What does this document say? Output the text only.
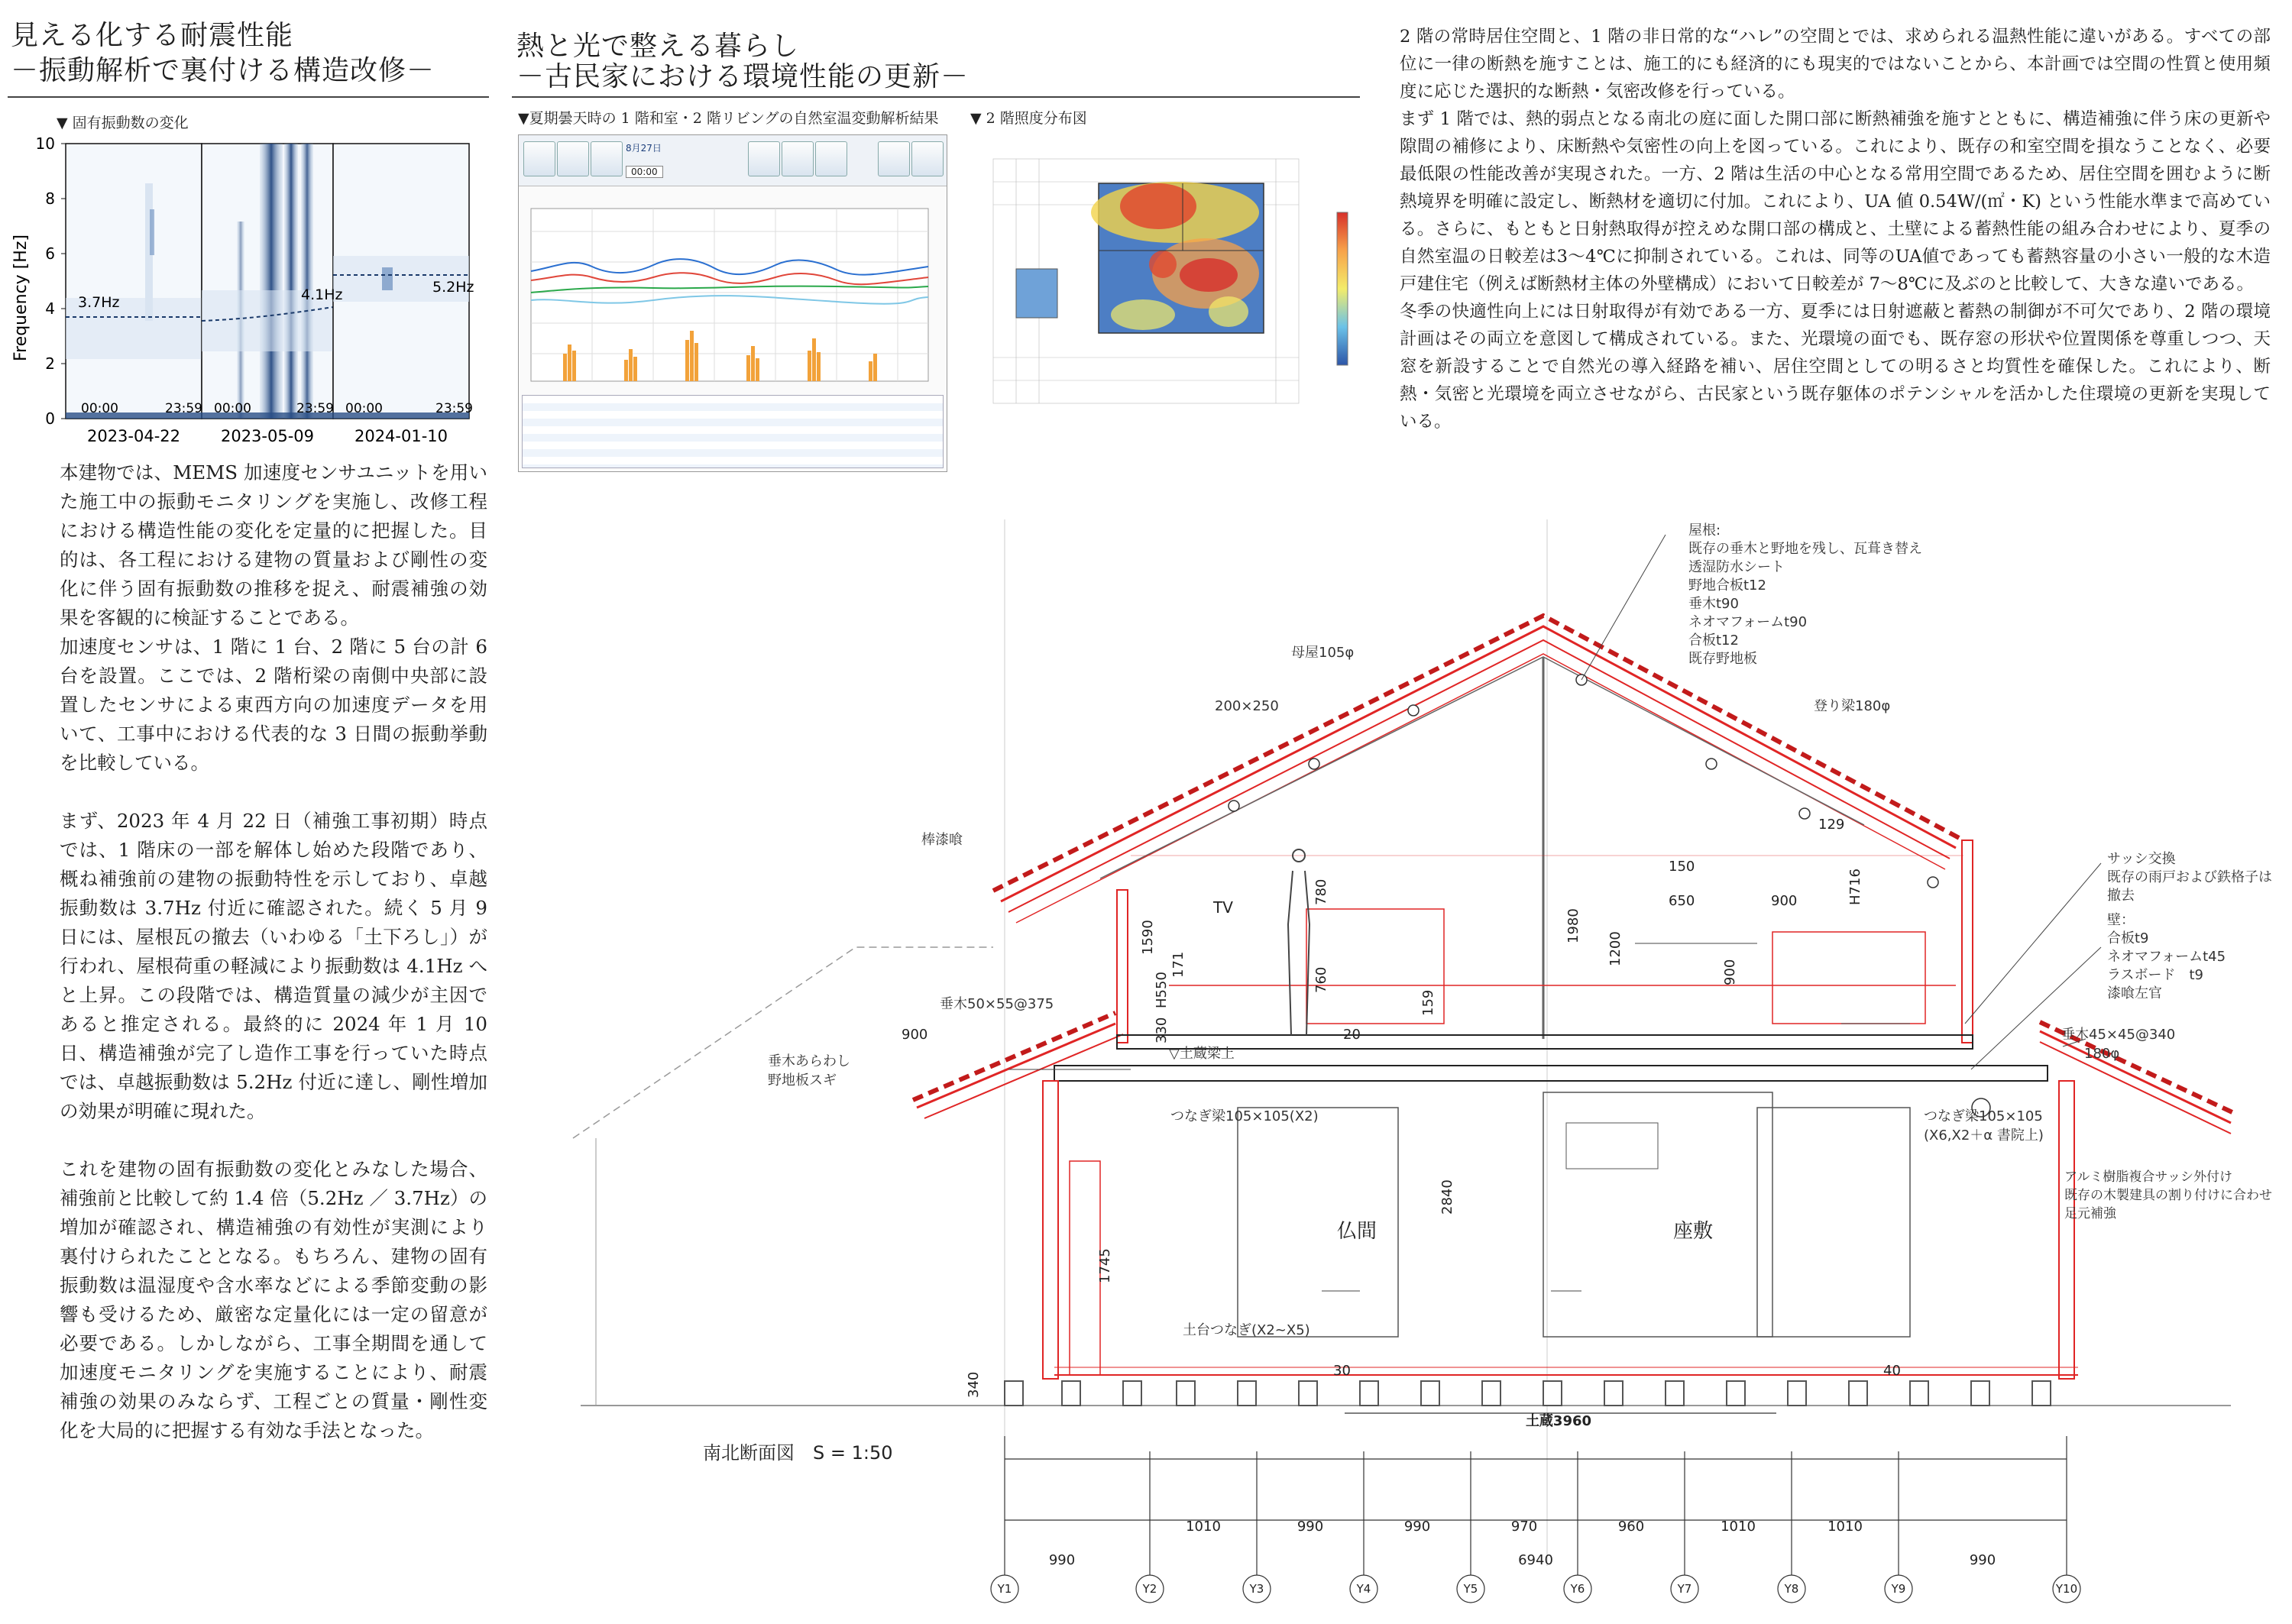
見える化する耐震性能
－振動解析で裏付ける構造改修－
▼ 固有振動数の変化
Frequency [Hz]
0
2
4
6
8
10
3.7Hz	4.1Hz	5.2Hz
00:00	23:59 00:00	23:59 00:00	23:59
2023-04-22	2023-05-09	2024-01-10

本建物では、MEMS 加速度センサユニットを用いた施工中の振動モニタリングを実施し、改修工程における構造性能の変化を定量的に把握した。目的は、各工程における建物の質量および剛性の変化に伴う固有振動数の推移を捉え、耐震補強の効果を客観的に検証することである。

加速度センサは、1 階に 1 台、2 階に 5 台の計 6 台を設置。ここでは、2 階桁梁の南側中央部に設置したセンサによる東西方向の加速度データを用いて、工事中における代表的な 3 日間の振動挙動を比較している。

まず、2023 年 4 月 22 日（補強工事初期）時点では、1 階床の一部を解体し始めた段階であり、概ね補強前の建物の振動特性を示しており、卓越振動数は 3.7Hz 付近に確認された。続く 5 月 9 日には、屋根瓦の撤去（いわゆる「土下ろし」）が行われ、屋根荷重の軽減により振動数は 4.1Hz へと上昇。この段階では、構造質量の減少が主因であると推定される。最終的に 2024 年 1 月 10 日、構造補強が完了し造作工事を行っていた時点では、卓越振動数は 5.2Hz 付近に達し、剛性増加の効果が明確に現れた。

これを建物の固有振動数の変化とみなした場合、補強前と比較して約 1.4 倍（5.2Hz ／ 3.7Hz）の増加が確認され、構造補強の有効性が実測により裏付けられたこととなる。もちろん、建物の固有振動数は温湿度や含水率などによる季節変動の影響も受けるため、厳密な定量化には一定の留意が必要である。しかしながら、工事全期間を通して加速度モニタリングを実施することにより、耐震補強の効果のみならず、工程ごとの質量・剛性変化を大局的に把握する有効な手法となった。

熱と光で整える暮らし
－古民家における環境性能の更新－
▼夏期曇天時の 1 階和室・2 階リビングの自然室温変動解析結果 ▼ 2 階照度分布図
8月27日
00:00

2 階の常時居住空間と、1 階の非日常的な“ハレ”の空間とでは、求められる温熱性能に違いがある。すべての部位に一律の断熱を施すことは、施工的にも経済的にも現実的ではないことから、本計画では空間の性質と使用頻度に応じた選択的な断熱・気密改修を行っている。

まず 1 階では、熱的弱点となる南北の庭に面した開口部に断熱補強を施すとともに、構造補強に伴う床の更新や隙間の補修により、床断熱や気密性の向上を図っている。これにより、既存の和室空間を損なうことなく、必要最低限の性能改善が実現された。一方、2 階は生活の中心となる常用空間であるため、居住空間を囲むように断熱境界を明確に設定し、断熱材を適切に付加。これにより、UA 値 0.54W/(㎡・K) という性能水準まで高めている。さらに、もともと日射熱取得が控えめな開口部の構成と、土壁による蓄熱性能の組み合わせにより、夏季の自然室温の日較差は3～4℃に抑制されている。これは、同等のUA値であっても蓄熱容量の小さい一般的な木造戸建住宅（例えば断熱材主体の外壁構成）において日較差が 7～8℃に及ぶのと比較して、大きな違いである。

冬季の快適性向上には日射取得が有効である一方、夏季には日射遮蔽と蓄熱の制御が不可欠であり、2 階の環境計画はその両立を意図して構成されている。また、光環境の面でも、既存窓の形状や位置関係を尊重しつつ、天窓を新設することで自然光の導入経路を補い、居住空間としての明るさと均質性を確保した。これにより、断熱・気密と光環境を両立させながら、古民家という既存躯体のポテンシャルを活かした住環境の更新を実現している。

Y1	Y2	Y3	Y4	Y5	Y6	Y7	Y8	Y9	Y10
1010	990	990	970	960	1010	1010
6940
990	990
土蔵3960
仏間	座敷
TV
900
900
150
650
129
30	40
20
H716
1980
1200
900
1590
H550
171
780
760
330
159
2840
1745
340
母屋105φ
200×250	登り梁180φ
棒漆喰
垂木50×55@375
垂木あらわし
野地板スギ
つなぎ梁105×105(X2)	つなぎ梁105×105
(X6,X2＋α 書院上)
垂木45×45@340
180φ
土台つなぎ(X2~X5)
▽土蔵梁上
屋根:
既存の垂木と野地を残し、瓦葺き替え
透湿防水シート
野地合板t12
垂木t90
ネオマフォームt90
合板t12
既存野地板
サッシ交換
既存の雨戸および鉄格子は
撤去
壁：
合板t9
ネオマフォームt45
ラスボード　t9
漆喰左官
アルミ樹脂複合サッシ外付け
既存の木製建具の割り付けに合わせ
足元補強
南北断面図　S = 1:50
